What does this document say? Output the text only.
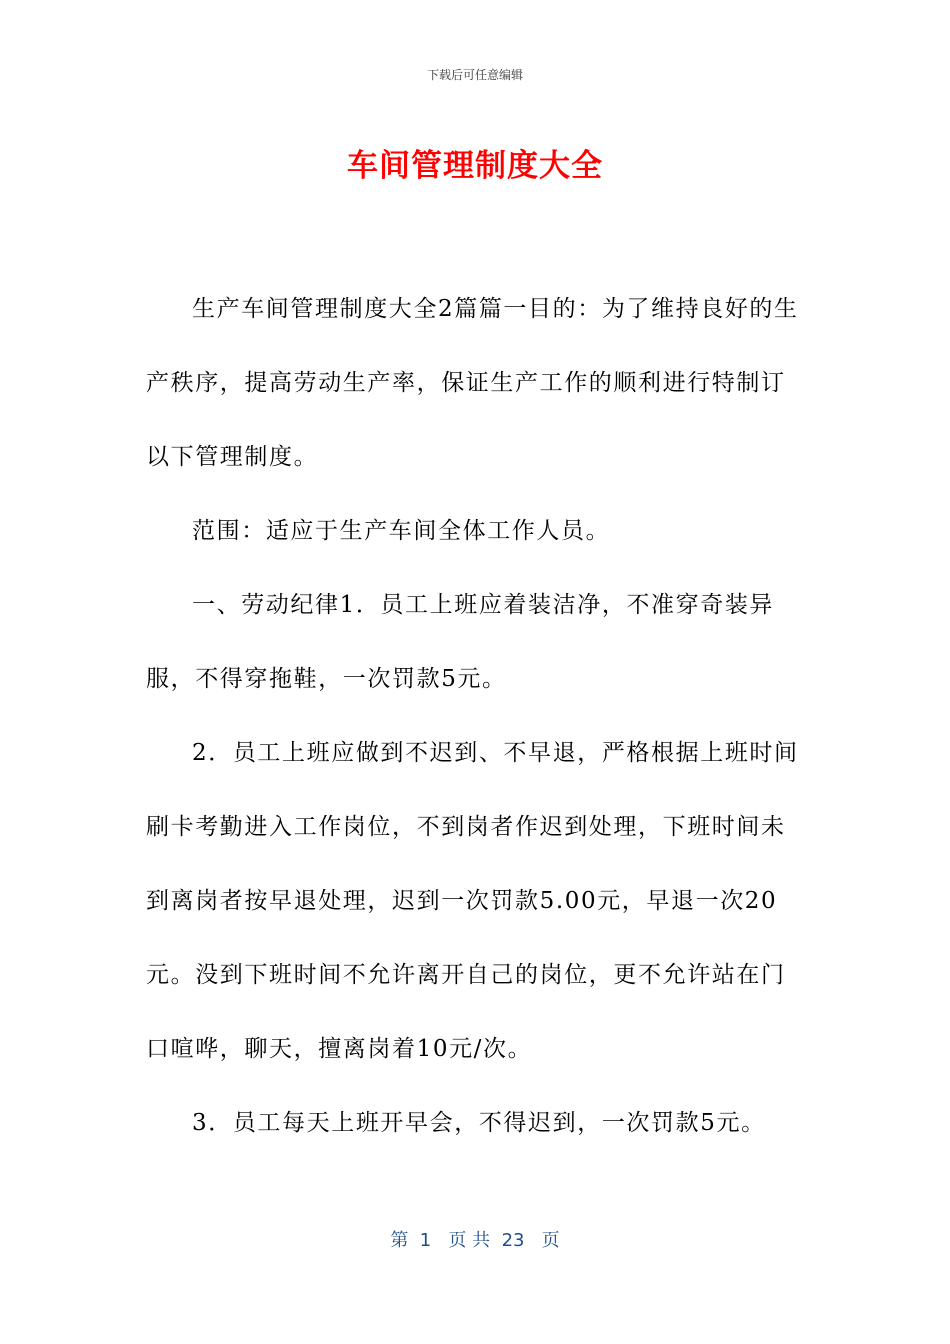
下载后可任意编辑
车间管理制度大全

生产车间管理制度大全2篇篇一目的：为了维持良好的生产秩序，提高劳动生产率，保证生产工作的顺利进行特制订以下管理制度。

范围：适应于生产车间全体工作人员。

一、劳动纪律1．员工上班应着装洁净，不准穿奇装异服，不得穿拖鞋，一次罚款5元。

2．员工上班应做到不迟到、不早退，严格根据上班时间刷卡考勤进入工作岗位，不到岗者作迟到处理，下班时间未到离岗者按早退处理，迟到一次罚款5.00元，早退一次20元。没到下班时间不允许离开自己的岗位，更不允许站在门口喧哗，聊天，擅离岗着10元/次。

3．员工每天上班开早会，不得迟到，一次罚款5元。

第  1   页 共  23   页
